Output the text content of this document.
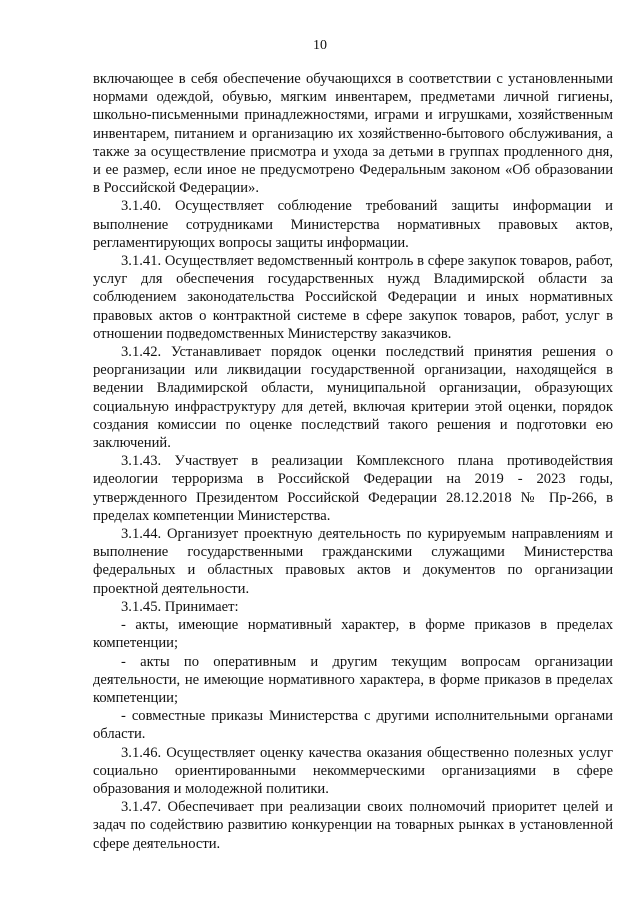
10

включающее в себя обеспечение обучающихся в соответствии с установленными нормами одеждой, обувью, мягким инвентарем, предметами личной гигиены, школьно-письменными принадлежностями, играми и игрушками, хозяйственным инвентарем, питанием и организацию их хозяйственно-бытового обслуживания, а также за осуществление присмотра и ухода за детьми в группах продленного дня, и ее размер, если иное не предусмотрено Федеральным законом «Об образовании в Российской Федерации».

3.1.40. Осуществляет соблюдение требований защиты информации и выполнение сотрудниками Министерства нормативных правовых актов, регламентирующих вопросы защиты информации.

3.1.41. Осуществляет ведомственный контроль в сфере закупок товаров, работ, услуг для обеспечения государственных нужд Владимирской области за соблюдением законодательства Российской Федерации и иных нормативных правовых актов о контрактной системе в сфере закупок товаров, работ, услуг в отношении подведомственных Министерству заказчиков.

3.1.42. Устанавливает порядок оценки последствий принятия решения о реорганизации или ликвидации государственной организации, находящейся в ведении Владимирской области, муниципальной организации, образующих социальную инфраструктуру для детей, включая критерии этой оценки, порядок создания комиссии по оценке последствий такого решения и подготовки ею заключений.

3.1.43. Участвует в реализации Комплексного плана противодействия идеологии терроризма в Российской Федерации на 2019 - 2023 годы, утвержденного Президентом Российской Федерации 28.12.2018 № Пр-266, в пределах компетенции Министерства.

3.1.44. Организует проектную деятельность по курируемым направлениям и выполнение государственными гражданскими служащими Министерства федеральных и областных правовых актов и документов по организации проектной деятельности.

3.1.45. Принимает:

- акты, имеющие нормативный характер, в форме приказов в пределах компетенции;

- акты по оперативным и другим текущим вопросам организации деятельности, не имеющие нормативного характера, в форме приказов в пределах компетенции;

- совместные приказы Министерства с другими исполнительными органами области.

3.1.46. Осуществляет оценку качества оказания общественно полезных услуг социально ориентированными некоммерческими организациями в сфере образования и молодежной политики.

3.1.47. Обеспечивает при реализации своих полномочий приоритет целей и задач по содействию развитию конкуренции на товарных рынках в установленной сфере деятельности.
